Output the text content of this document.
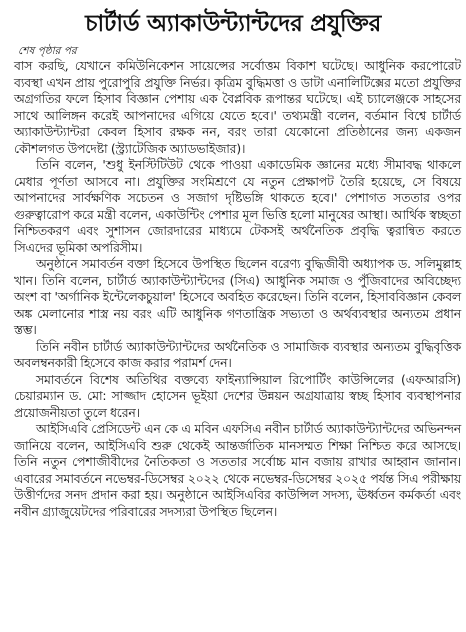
চার্টার্ড অ্যাকাউন্ট্যান্টদের প্রযুক্তির
শেষ পৃষ্ঠার পর

বাস করছি, যেখানে কমিউনিকেশন সায়েন্সের সর্বোত্তম বিকাশ ঘটেছে। আধুনিক করপোরেট ব্যবস্থা এখন প্রায় পুরোপুরি প্রযুক্তি নির্ভর। কৃত্রিম বুদ্ধিমত্তা ও ডাটা এনালিটিক্সের মতো প্রযুক্তির অগ্রগতির ফলে হিসাব বিজ্ঞান পেশায় এক বৈপ্লবিক রূপান্তর ঘটেছে। এই চ্যালেঞ্জকে সাহসের সাথে আলিঙ্গন করেই আপনাদের এগিয়ে যেতে হবে।' তথ্যমন্ত্রী বলেন, বর্তমান বিশ্বে চার্টার্ড অ্যাকাউন্ট্যান্টরা কেবল হিসাব রক্ষক নন, বরং তারা যেকোনো প্রতিষ্ঠানের জন্য একজন কৌশলগত উপদেষ্টা (স্ট্র্যাটেজিক অ্যাডভাইজার)।

তিনি বলেন, 'শুধু ইনস্টিটিউট থেকে পাওয়া একাডেমিক জ্ঞানের মধ্যে সীমাবদ্ধ থাকলে মেধার পূর্ণতা আসবে না। প্রযুক্তির সংমিশ্রণে যে নতুন প্রেক্ষাপট তৈরি হয়েছে, সে বিষয়ে আপনাদের সার্বক্ষণিক সচেতন ও সজাগ দৃষ্টিভঙ্গি থাকতে হবে।' পেশাগত সততার ওপর গুরুত্বারোপ করে মন্ত্রী বলেন, একাউন্টিং পেশার মূল ভিত্তি হলো মানুষের আস্থা। আর্থিক স্বচ্ছতা নিশ্চিতকরণ এবং সুশাসন জোরদারের মাধ্যমে টেকসই অর্থনৈতিক প্রবৃদ্ধি ত্বরান্বিত করতে সিএদের ভূমিকা অপরিসীম।

অনুষ্ঠানে সমাবর্তন বক্তা হিসেবে উপস্থিত ছিলেন বরেণ্য বুদ্ধিজীবী অধ্যাপক ড. সলিমুল্লাহ খান। তিনি বলেন, চার্টার্ড অ্যাকাউন্ট্যান্টদের (সিএ) আধুনিক সমাজ ও পুঁজিবাদের অবিচ্ছেদ্য অংশ বা 'অর্গানিক ইন্টেলেকচুয়াল' হিসেবে অবহিত করেছেন। তিনি বলেন, হিসাববিজ্ঞান কেবল অঙ্ক মেলানোর শাস্ত্র নয় বরং এটি আধুনিক গণতান্ত্রিক সভ্যতা ও অর্থব্যবস্থার অন্যতম প্রধান স্তম্ভ।

তিনি নবীন চার্টার্ড অ্যাকাউন্ট্যান্টদের অর্থনৈতিক ও সামাজিক ব্যবস্থার অন্যতম বুদ্ধিবৃত্তিক অবলম্বনকারী হিসেবে কাজ করার পরামর্শ দেন।

সমাবর্তনে বিশেষ অতিথির বক্তব্যে ফাইন্যান্সিয়াল রিপোর্টিং কাউন্সিলের (এফআরসি) চেয়ারম্যান ড. মো: সাজ্জাদ হোসেন ভূইয়া দেশের উন্নয়ন অগ্রযাত্রায় স্বচ্ছ হিসাব ব্যবস্থাপনার প্রয়োজনীয়তা তুলে ধরেন।

আইসিএবি প্রেসিডেন্ট এন কে এ মবিন এফসিএ নবীন চার্টার্ড অ্যাকাউন্ট্যান্টদের অভিনন্দন জানিয়ে বলেন, আইসিএবি শুরু থেকেই আন্তর্জাতিক মানসম্মত শিক্ষা নিশ্চিত করে আসছে। তিনি নতুন পেশাজীবীদের নৈতিকতা ও সততার সর্বোচ্চ মান বজায় রাখার আহ্বান জানান। এবারের সমাবর্তনে নভেম্বর-ডিসেম্বর ২০২২ থেকে নভেম্বর-ডিসেম্বর ২০২৫ পর্যন্ত সিএ পরীক্ষায় উত্তীর্ণদের সনদ প্রদান করা হয়। অনুষ্ঠানে আইসিএবির কাউন্সিল সদস্য, ঊর্ধ্বতন কর্মকর্তা এবং নবীন গ্র্যাজুয়েটদের পরিবারের সদস্যরা উপস্থিত ছিলেন।
